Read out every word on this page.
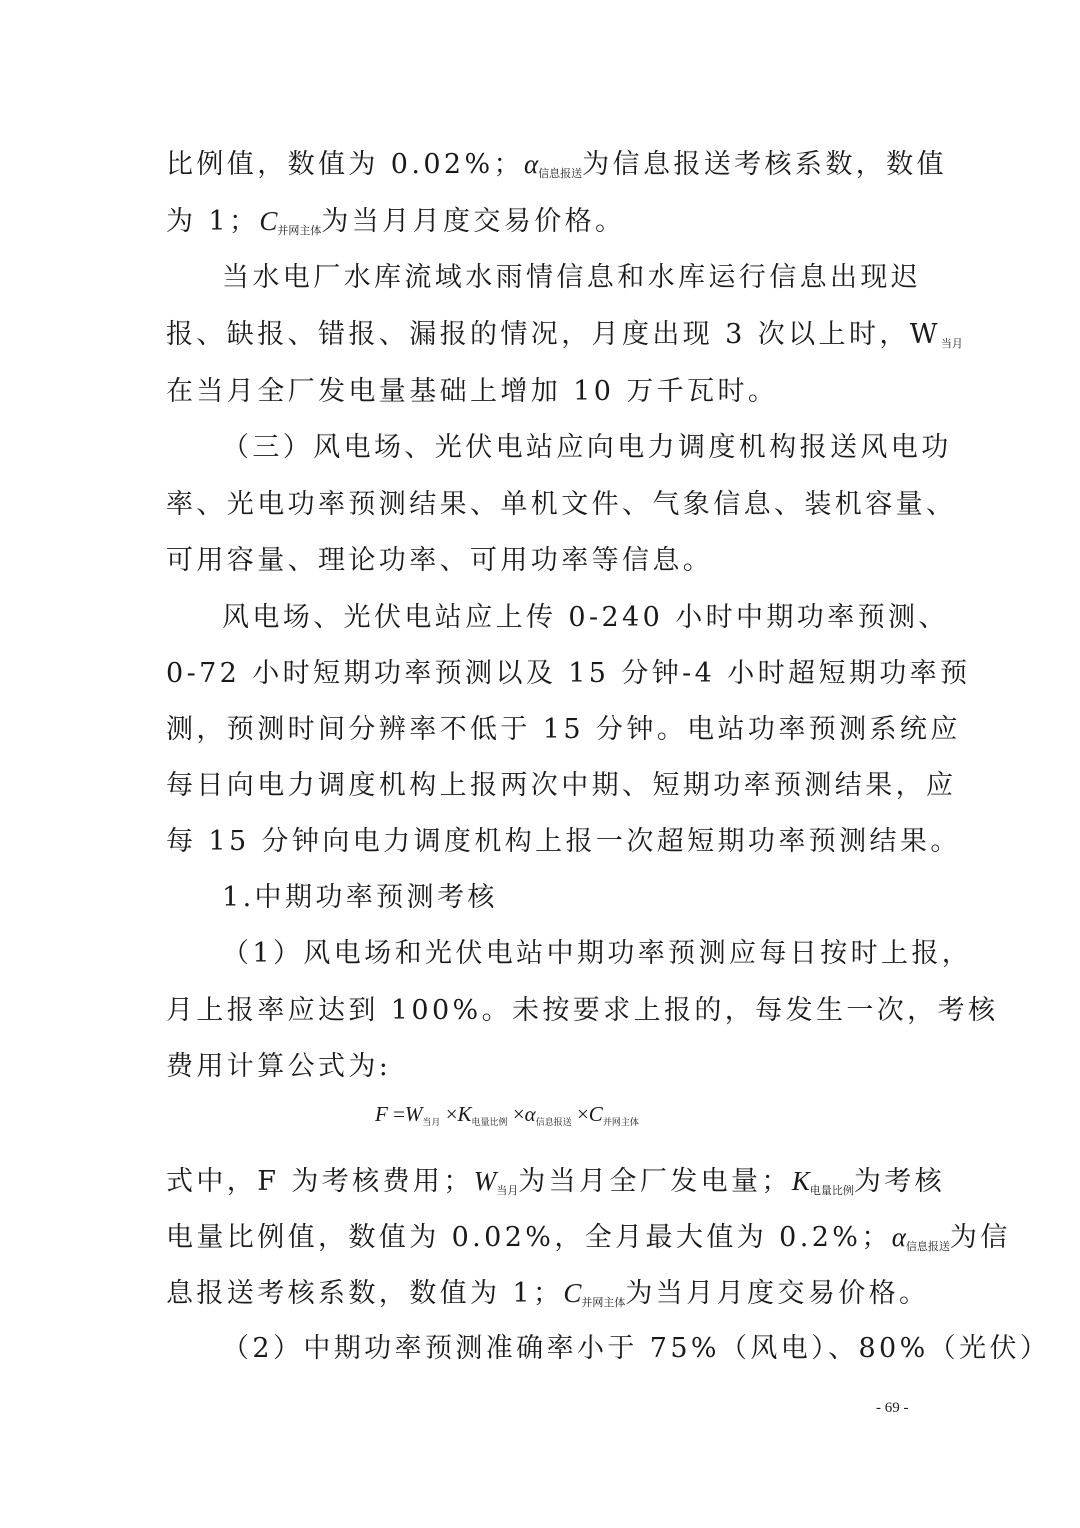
比例值，数值为 0.02%；$\alpha_{信息报送}$为信息报送考核系数，数值
为 1；$C_{并网主体}$为当月月度交易价格。
当水电厂水库流域水雨情信息和水库运行信息出现迟
报、缺报、错报、漏报的情况，月度出现 3 次以上时，$W_{当月}$
在当月全厂发电量基础上增加 10 万千瓦时。
（三）风电场、光伏电站应向电力调度机构报送风电功
率、光电功率预测结果、单机文件、气象信息、装机容量、
可用容量、理论功率、可用功率等信息。
风电场、光伏电站应上传 0-240 小时中期功率预测、
0-72 小时短期功率预测以及 15 分钟-4 小时超短期功率预
测，预测时间分辨率不低于 15 分钟。电站功率预测系统应
每日向电力调度机构上报两次中期、短期功率预测结果，应
每 15 分钟向电力调度机构上报一次超短期功率预测结果。
1.中期功率预测考核
（1）风电场和光伏电站中期功率预测应每日按时上报，
月上报率应达到 100%。未按要求上报的，每发生一次，考核
费用计算公式为:
$F =W_{当月} \times K_{电量比例} \times\alpha_{信息报送} \times C_{并网主体}$
式中，F 为考核费用；$W_{当月}$为当月全厂发电量；$K_{电量比例}$为考核
电量比例值，数值为 0.02%，全月最大值为 0.2%；$\alpha_{信息报送}$为信
息报送考核系数，数值为 1；$C_{并网主体}$为当月月度交易价格。
（2）中期功率预测准确率小于 75%（风电）、80%（光伏）
- 69 -
